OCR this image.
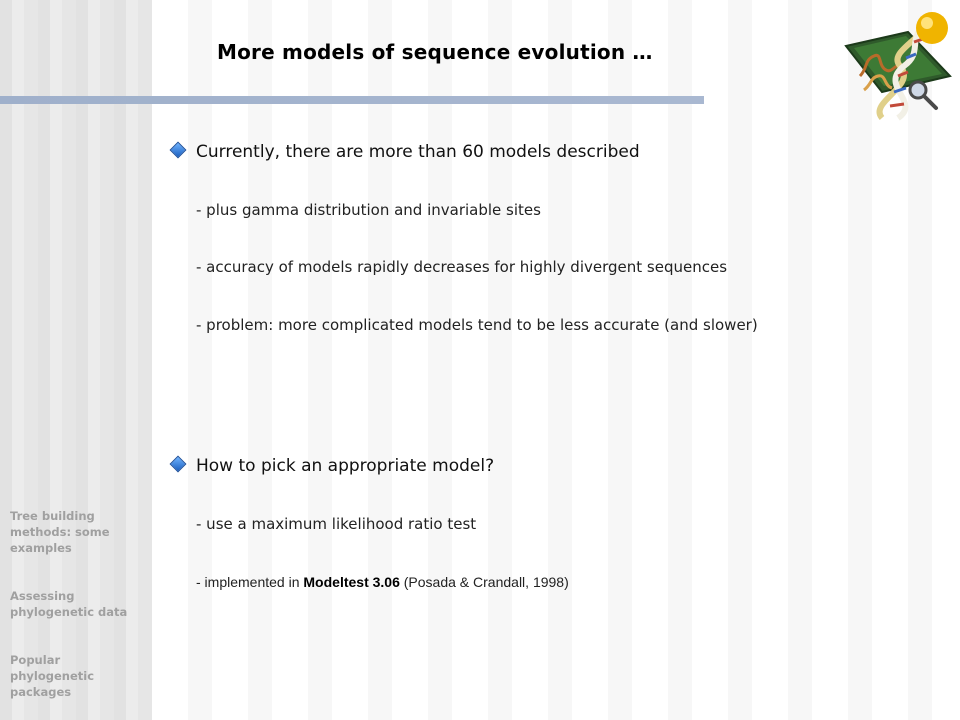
More models of sequence evolution …
Currently, there are more than 60 models described
- plus gamma distribution and invariable sites
- accuracy of models rapidly decreases for highly divergent sequences
- problem: more complicated models tend to be less accurate (and slower)
How to pick an appropriate model?
- use a maximum likelihood ratio test
- implemented in Modeltest 3.06 (Posada & Crandall, 1998)
Tree building methods: some examples
Assessing phylogenetic data
Popular phylogenetic packages
